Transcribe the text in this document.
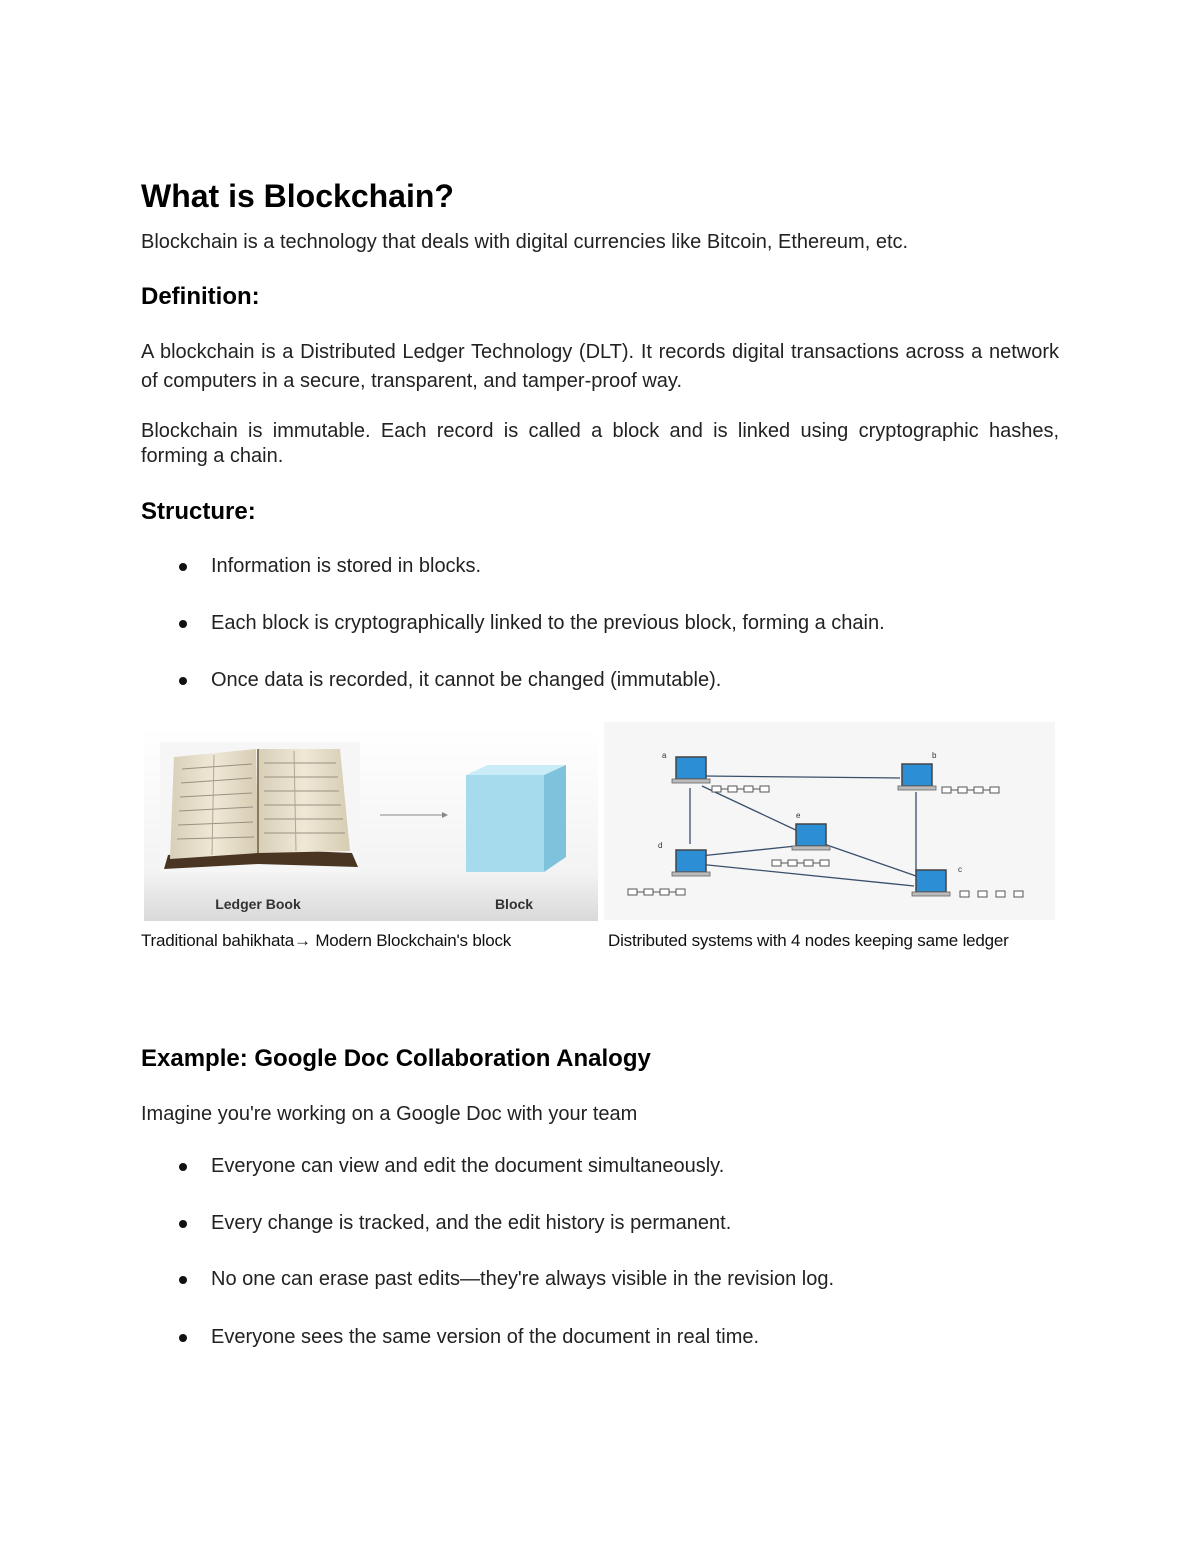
What is Blockchain?

Blockchain is a technology that deals with digital currencies like Bitcoin, Ethereum, etc.

Definition:

A blockchain is a Distributed Ledger Technology (DLT). It records digital transactions across a network of computers in a secure, transparent, and tamper-proof way.

Blockchain is immutable. Each record is called a block and is linked using cryptographic hashes, forming a chain.

Structure:
Information is stored in blocks.
Each block is cryptographically linked to the previous block, forming a chain.
Once data is recorded, it cannot be changed (immutable).
Ledger Book	Block
a	b
c
d
e
Traditional bahikhata→ Modern Blockchain's block	Distributed systems with 4 nodes keeping same ledger
Example: Google Doc Collaboration Analogy

Imagine you're working on a Google Doc with your team

Everyone can view and edit the document simultaneously.
Every change is tracked, and the edit history is permanent.
No one can erase past edits—they're always visible in the revision log.
Everyone sees the same version of the document in real time.
